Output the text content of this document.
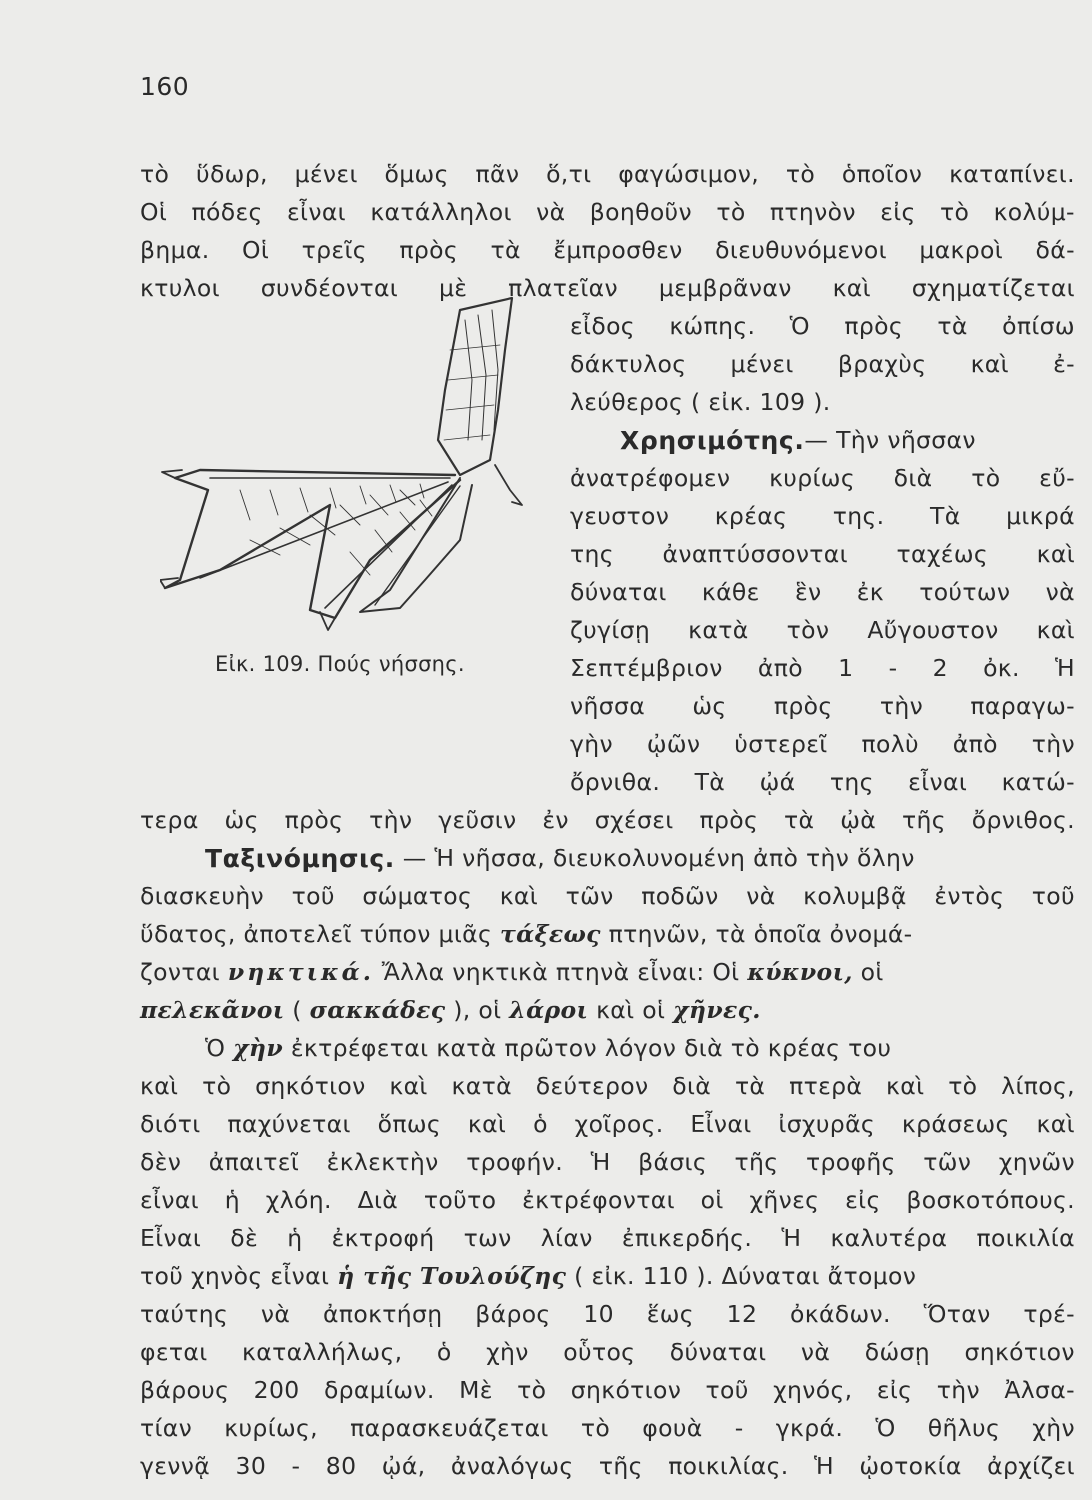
160
Εἰκ. 109. Πούς νήσσης.
τὸ ὕδωρ, μένει ὅμως πᾶν ὅ,τι φαγώσιμον, τὸ ὁποῖον καταπίνει.
Οἱ πόδες εἶναι κατάλληλοι νὰ βοηθοῦν τὸ πτηνὸν εἰς τὸ κολύμ-
βημα. Οἱ τρεῖς πρὸς τὰ ἔμπροσθεν διευθυνόμενοι μακροὶ δά-
κτυλοι συνδέονται μὲ πλατεῖαν μεμβρᾶναν καὶ σχηματίζεται
εἶδος κώπης. Ὁ πρὸς τὰ ὀπίσω
δάκτυλος μένει βραχὺς καὶ ἐ-
λεύθερος ( εἰκ. 109 ).
Χρησιμότης. — Τὴν νῆσσαν
ἀνατρέφομεν κυρίως διὰ τὸ εὔ-
γευστον κρέας της. Τὰ μικρά
της ἀναπτύσσονται ταχέως καὶ
δύναται κάθε ἓν ἐκ τούτων νὰ
ζυγίσῃ κατὰ τὸν Αὔγουστον καὶ
Σεπτέμβριον ἀπὸ 1 - 2 ὀκ. Ἡ
νῆσσα ὡς πρὸς τὴν παραγω-
γὴν ᾠῶν ὑστερεῖ πολὺ ἀπὸ τὴν
ὄρνιθα. Τὰ ᾠά της εἶναι κατώ-
τερα ὡς πρὸς τὴν γεῦσιν ἐν σχέσει πρὸς τὰ ᾠὰ τῆς ὄρνιθος.
Ταξινόμησις. — Ἡ νῆσσα, διευκολυνομένη ἀπὸ τὴν ὅλην
διασκευὴν τοῦ σώματος καὶ τῶν ποδῶν νὰ κολυμβᾷ ἐντὸς τοῦ
ὕδατος, ἀποτελεῖ τύπον μιᾶς τάξεως πτηνῶν, τὰ ὁποῖα ὀνομά-
ζονται νηκτικά. Ἄλλα νηκτικὰ πτηνὰ εἶναι: Οἱ κύκνοι, οἱ
πελεκᾶνοι ( σακκάδες ), οἱ λάροι καὶ οἱ χῆνες.
Ὁ χὴν ἐκτρέφεται κατὰ πρῶτον λόγον διὰ τὸ κρέας του
καὶ τὸ σηκότιον καὶ κατὰ δεύτερον διὰ τὰ πτερὰ καὶ τὸ λίπος,
διότι παχύνεται ὅπως καὶ ὁ χοῖρος. Εἶναι ἰσχυρᾶς κράσεως καὶ
δὲν ἀπαιτεῖ ἐκλεκτὴν τροφήν. Ἡ βάσις τῆς τροφῆς τῶν χηνῶν
εἶναι ἡ χλόη. Διὰ τοῦτο ἐκτρέφονται οἱ χῆνες εἰς βοσκοτόπους.
Εἶναι δὲ ἡ ἐκτροφή των λίαν ἐπικερδής. Ἡ καλυτέρα ποικιλία
τοῦ χηνὸς εἶναι ἡ τῆς Τουλούζης ( εἰκ. 110 ). Δύναται ἄτομον
ταύτης νὰ ἀποκτήσῃ βάρος 10 ἕως 12 ὀκάδων. Ὅταν τρέ-
φεται καταλλήλως, ὁ χὴν οὗτος δύναται νὰ δώσῃ σηκότιον
βάρους 200 δραμίων. Μὲ τὸ σηκότιον τοῦ χηνός, εἰς τὴν Ἀλσα-
τίαν κυρίως, παρασκευάζεται τὸ φουὰ - γκρά. Ὁ θῆλυς χὴν
γεννᾷ 30 - 80 ᾠά, ἀναλόγως τῆς ποικιλίας. Ἡ ᾠοτοκία ἀρχίζει
